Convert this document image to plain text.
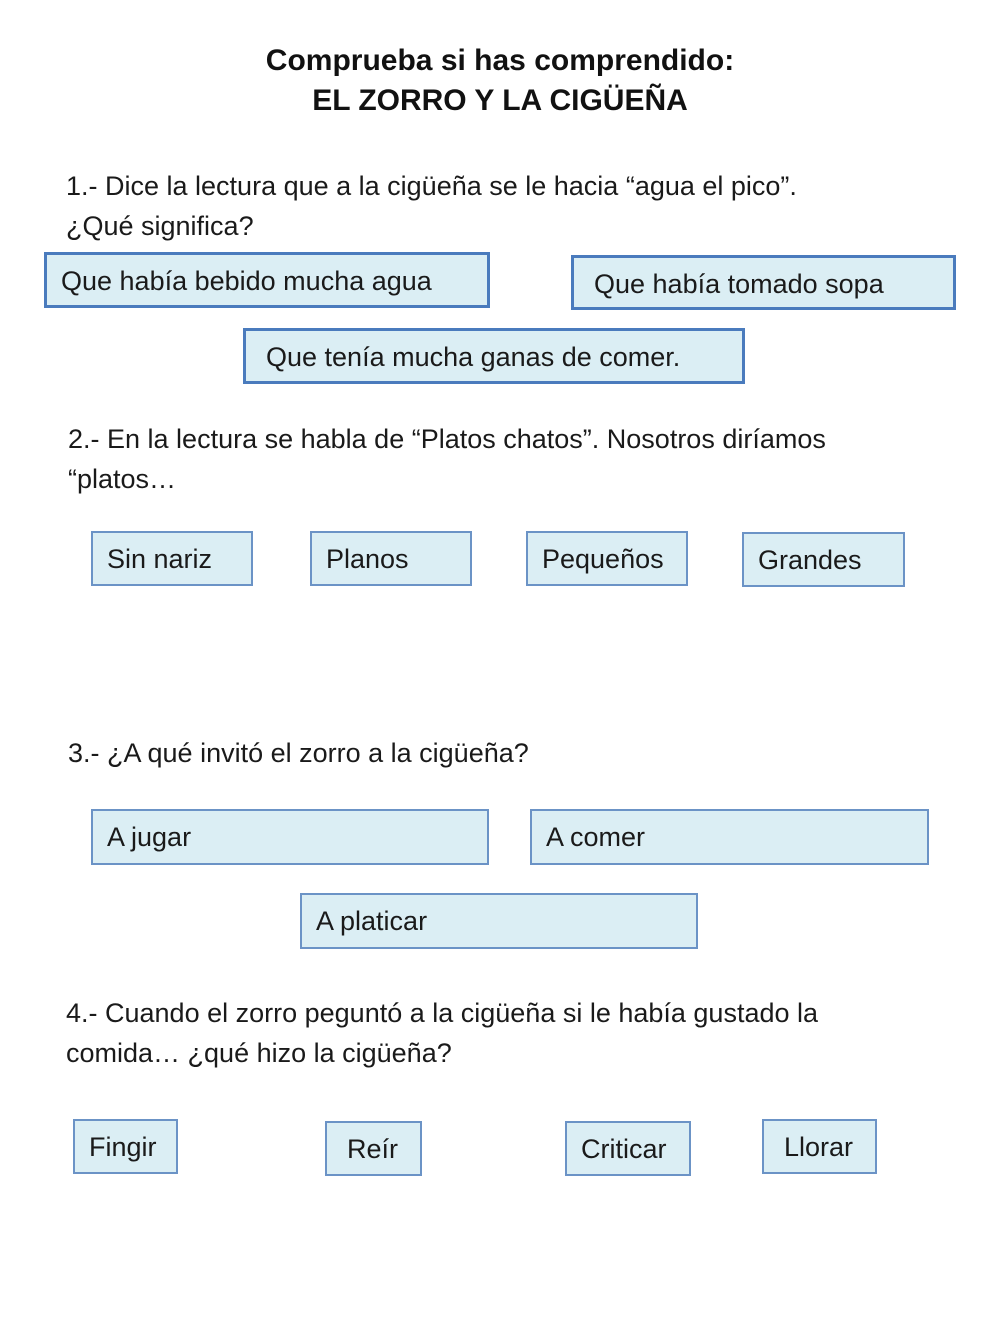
Comprueba si has comprendido:
EL ZORRO Y LA CIGÜEÑA
1.- Dice la lectura que a la cigüeña se le hacia “agua el pico”.
¿Qué significa?
Que había bebido mucha agua	Que había tomado sopa
Que tenía mucha ganas de comer.
2.- En la lectura se habla de “Platos chatos”. Nosotros diríamos
“platos…
Sin nariz	Planos	Pequeños	Grandes
3.- ¿A qué invitó el zorro a la cigüeña?
A jugar	A comer
A platicar
4.- Cuando el zorro peguntó a la cigüeña si le había gustado la
comida… ¿qué hizo la cigüeña?
Fingir	Reír	Criticar	Llorar
